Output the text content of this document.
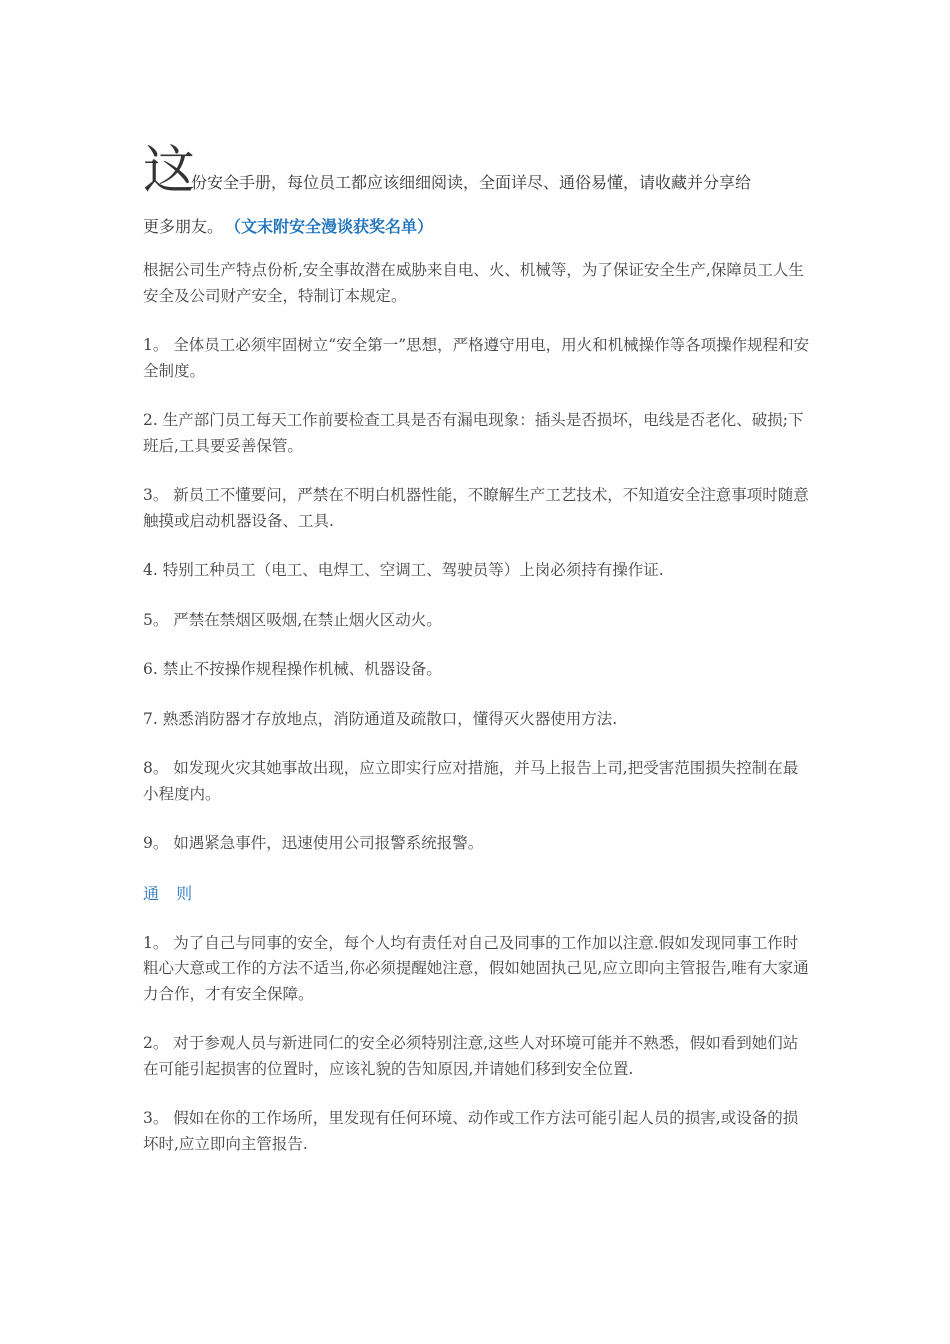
这
份安全手册，每位员工都应该细细阅读，全面详尽、通俗易懂，请收藏并分享给
更多朋友。 （文末附安全漫谈获奖名单）

根据公司生产特点份析,安全事故潜在威胁来自电、火、机械等，为了保证安全生产,保障员工人生安全及公司财产安全，特制订本规定。

1。 全体员工必须牢固树立“安全第一”思想，严格遵守用电，用火和机械操作等各项操作规程和安全制度。

2. 生产部门员工每天工作前要检查工具是否有漏电现象：插头是否损坏，电线是否老化、破损;下班后,工具要妥善保管。

3。 新员工不懂要问，严禁在不明白机器性能，不瞭解生产工艺技术，不知道安全注意事项时随意触摸或启动机器设备、工具.

4. 特别工种员工（电工、电焊工、空调工、驾驶员等）上岗必须持有操作证.

5。 严禁在禁烟区吸烟,在禁止烟火区动火。

6. 禁止不按操作规程操作机械、机器设备。

7. 熟悉消防器才存放地点，消防通道及疏散口，懂得灭火器使用方法.

8。 如发现火灾其她事故出现，应立即实行应对措施，并马上报告上司,把受害范围损失控制在最小程度内。

9。 如遇紧急事件，迅速使用公司报警系统报警。

通 则

1。 为了自己与同事的安全，每个人均有责任对自己及同事的工作加以注意.假如发现同事工作时粗心大意或工作的方法不适当,你必须提醒她注意，假如她固执己见,应立即向主管报告,唯有大家通力合作，才有安全保障。

2。 对于参观人员与新进同仁的安全必须特别注意,这些人对环境可能并不熟悉，假如看到她们站在可能引起损害的位置时，应该礼貌的告知原因,并请她们移到安全位置.

3。 假如在你的工作场所，里发现有任何环境、动作或工作方法可能引起人员的损害,或设备的损坏时,应立即向主管报告.
